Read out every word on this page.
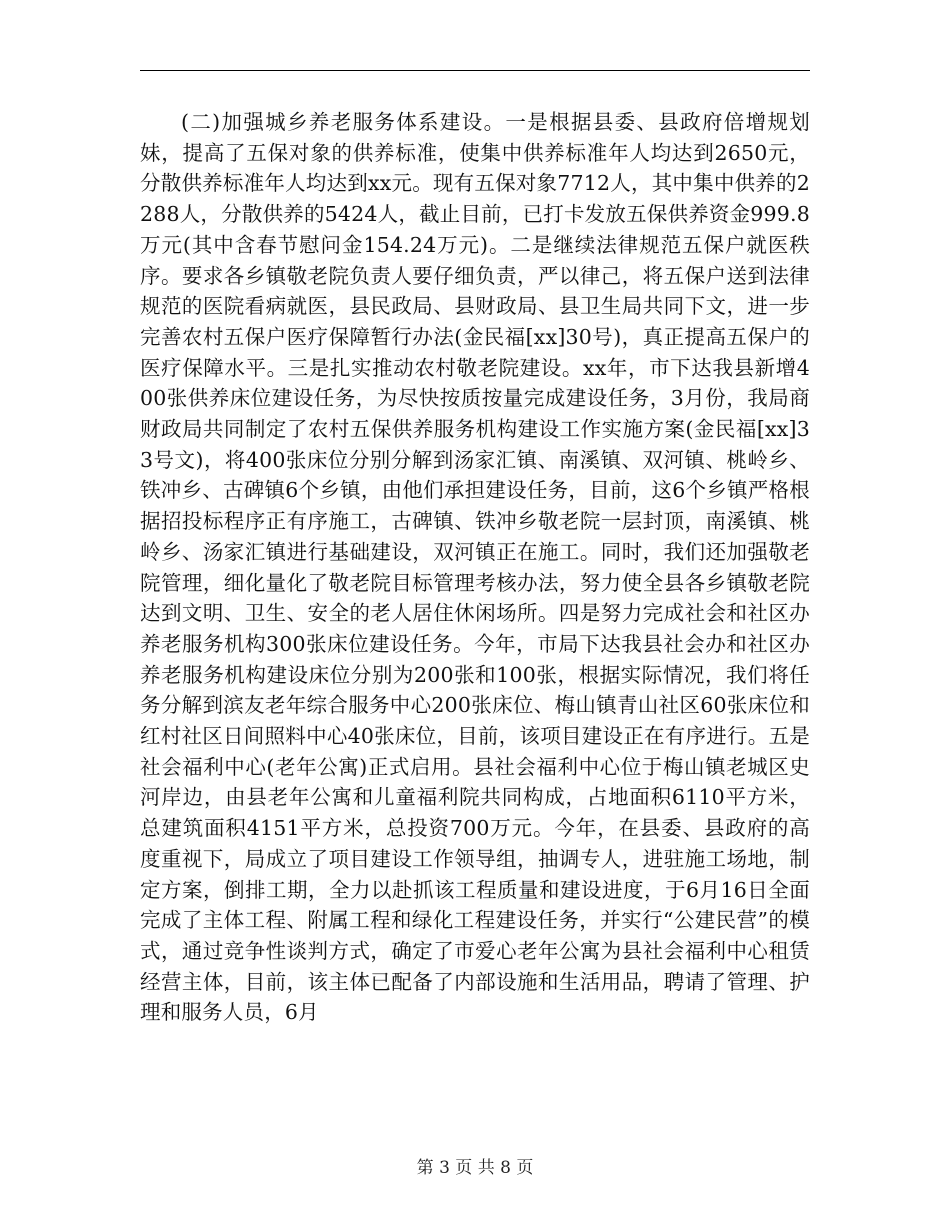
(二)加强城乡养老服务体系建设。一是根据县委、县政府倍增规划妹，提高了五保对象的供养标准，使集中供养标准年人均达到2650元，分散供养标准年人均达到xx元。现有五保对象7712人，其中集中供养的2288人，分散供养的5424人，截止目前，已打卡发放五保供养资金999.8万元(其中含春节慰问金154.24万元)。二是继续法律规范五保户就医秩序。要求各乡镇敬老院负责人要仔细负责，严以律己，将五保户送到法律规范的医院看病就医，县民政局、县财政局、县卫生局共同下文，进一步完善农村五保户医疗保障暂行办法(金民福[xx]30号)，真正提高五保户的医疗保障水平。三是扎实推动农村敬老院建设。xx年，市下达我县新增400张供养床位建设任务，为尽快按质按量完成建设任务，3月份，我局商财政局共同制定了农村五保供养服务机构建设工作实施方案(金民福[xx]33号文)，将400张床位分别分解到汤家汇镇、南溪镇、双河镇、桃岭乡、铁冲乡、古碑镇6个乡镇，由他们承担建设任务，目前，这6个乡镇严格根据招投标程序正有序施工，古碑镇、铁冲乡敬老院一层封顶，南溪镇、桃岭乡、汤家汇镇进行基础建设，双河镇正在施工。同时，我们还加强敬老院管理，细化量化了敬老院目标管理考核办法，努力使全县各乡镇敬老院达到文明、卫生、安全的老人居住休闲场所。四是努力完成社会和社区办养老服务机构300张床位建设任务。今年，市局下达我县社会办和社区办养老服务机构建设床位分别为200张和100张，根据实际情况，我们将任务分解到滨友老年综合服务中心200张床位、梅山镇青山社区60张床位和红村社区日间照料中心40张床位，目前，该项目建设正在有序进行。五是社会福利中心(老年公寓)正式启用。县社会福利中心位于梅山镇老城区史河岸边，由县老年公寓和儿童福利院共同构成，占地面积6110平方米，总建筑面积4151平方米，总投资700万元。今年，在县委、县政府的高度重视下，局成立了项目建设工作领导组，抽调专人，进驻施工场地，制定方案，倒排工期，全力以赴抓该工程质量和建设进度，于6月16日全面完成了主体工程、附属工程和绿化工程建设任务，并实行“公建民营”的模式，通过竞争性谈判方式，确定了市爱心老年公寓为县社会福利中心租赁经营主体，目前，该主体已配备了内部设施和生活用品，聘请了管理、护理和服务人员，6月

第 3 页 共 8 页
